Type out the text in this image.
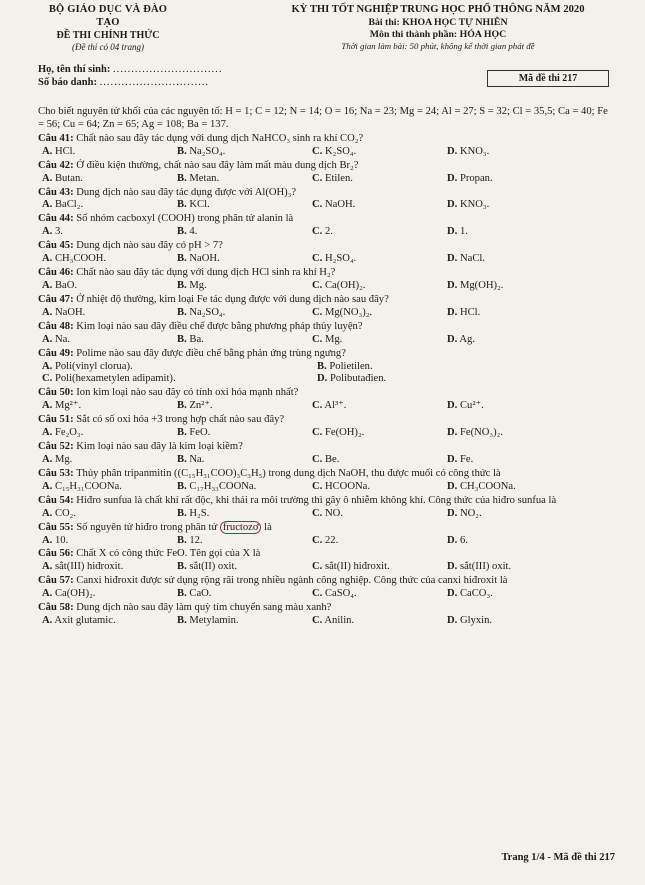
BỘ GIÁO DỤC VÀ ĐÀO TẠO
ĐỀ THI CHÍNH THỨC
(Đề thi có 04 trang)
KỲ THI TỐT NGHIỆP TRUNG HỌC PHỔ THÔNG NĂM 2020
Bài thi: KHOA HỌC TỰ NHIÊN
Môn thi thành phần: HÓA HỌC
Thời gian làm bài: 50 phút, không kể thời gian phát đề
Họ, tên thí sinh: ..............................
Số báo danh: ..............................	Mã đề thi 217
Cho biết nguyên tử khối của các nguyên tố: H = 1; C = 12; N = 14; O = 16; Na = 23; Mg = 24; Al = 27; S = 32; Cl = 35,5; Ca = 40; Fe = 56; Cu = 64; Zn = 65; Ag = 108; Ba = 137.
Câu 41: Chất nào sau đây tác dụng với dung dịch NaHCO₃ sinh ra khí CO₂?
A. HCl.	B. Na₂SO₄.	C. K₂SO₄.	D. KNO₃.
Câu 42: Ở điều kiện thường, chất nào sau đây làm mất màu dung dịch Br₂?
A. Butan.	B. Metan.	C. Etilen.	D. Propan.
Câu 43: Dung dịch nào sau đây tác dụng được với Al(OH)₃?
A. BaCl₂.	B. KCl.	C. NaOH.	D. KNO₃.
Câu 44: Số nhóm cacboxyl (COOH) trong phân tử alanin là
A. 3.	B. 4.	C. 2.	D. 1.
Câu 45: Dung dịch nào sau đây có pH > 7?
A. CH₃COOH.	B. NaOH.	C. H₂SO₄.	D. NaCl.
Câu 46: Chất nào sau đây tác dụng với dung dịch HCl sinh ra khí H₂?
A. BaO.	B. Mg.	C. Ca(OH)₂.	D. Mg(OH)₂.
Câu 47: Ở nhiệt độ thường, kim loại Fe tác dụng được với dung dịch nào sau đây?
A. NaOH.	B. Na₂SO₄.	C. Mg(NO₃)₂.	D. HCl.
Câu 48: Kim loại nào sau đây điều chế được bằng phương pháp thủy luyện?
A. Na.	B. Ba.	C. Mg.	D. Ag.
Câu 49: Polime nào sau đây được điều chế bằng phản ứng trùng ngưng?
A. Poli(vinyl clorua).	B. Polietilen.
C. Poli(hexametylen adipamit).	D. Polibutađien.
Câu 50: Ion kim loại nào sau đây có tính oxi hóa mạnh nhất?
A. Mg²⁺.	B. Zn²⁺.	C. Al³⁺.	D. Cu²⁺.
Câu 51: Sắt có số oxi hóa +3 trong hợp chất nào sau đây?
A. Fe₂O₃.	B. FeO.	C. Fe(OH)₂.	D. Fe(NO₃)₂.
Câu 52: Kim loại nào sau đây là kim loại kiềm?
A. Mg.	B. Na.	C. Be.	D. Fe.
Câu 53: Thủy phân tripanmitin ((C₁₅H₃₁COO)₃C₃H₅) trong dung dịch NaOH, thu được muối có công thức là
A. C₁₅H₃₁COONa.	B. C₁₇H₃₃COONa.	C. HCOONa.	D. CH₃COONa.
Câu 54: Hiđro sunfua là chất khí rất độc, khi thải ra môi trường thì gây ô nhiễm không khí. Công thức của hiđro sunfua là
A. CO₂.	B. H₂S.	C. NO.	D. NO₂.
Câu 55: Số nguyên tử hiđro trong phân tử fructozơ là
A. 10.	B. 12.	C. 22.	D. 6.
Câu 56: Chất X có công thức FeO. Tên gọi của X là
A. sắt(III) hiđroxit.	B. sắt(II) oxit.	C. sắt(II) hiđroxit.	D. sắt(III) oxit.
Câu 57: Canxi hiđroxit được sử dụng rộng rãi trong nhiều ngành công nghiệp. Công thức của canxi hiđroxit là
A. Ca(OH)₂.	B. CaO.	C. CaSO₄.	D. CaCO₃.
Câu 58: Dung dịch nào sau đây làm quỳ tím chuyển sang màu xanh?
A. Axit glutamic.	B. Metylamin.	C. Anilin.	D. Glyxin.
Trang 1/4 - Mã đề thi 217
